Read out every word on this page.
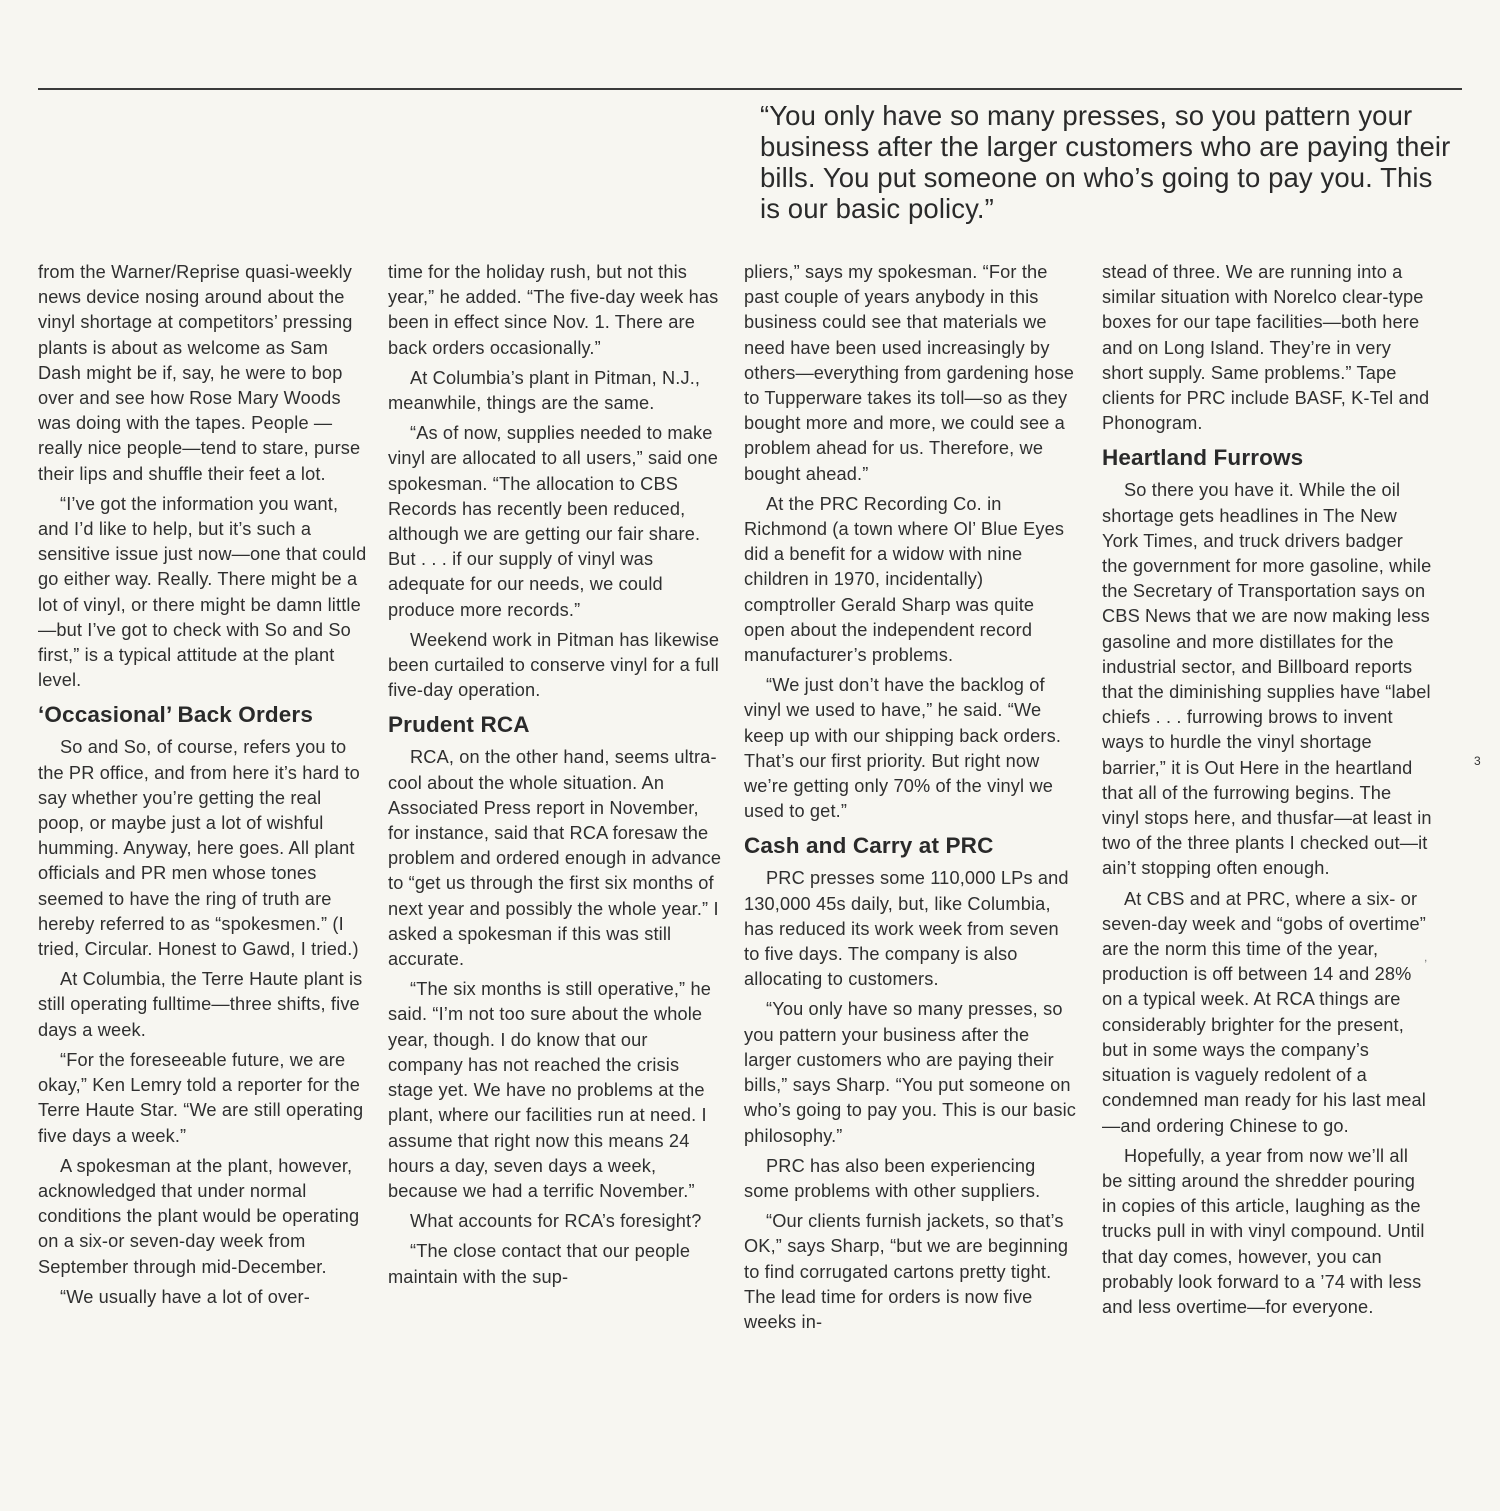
“You only have so many presses, so you pattern your business after the larger customers who are paying their bills. You put someone on who’s going to pay you. This is our basic policy.”

from the Warner/Reprise quasi-weekly news device nosing around about the vinyl shortage at competitors’ pressing plants is about as welcome as Sam Dash might be if, say, he were to bop over and see how Rose Mary Woods was doing with the tapes. People —really nice people—tend to stare, purse their lips and shuffle their feet a lot.

“I’ve got the information you want, and I’d like to help, but it’s such a sensitive issue just now—one that could go either way. Really. There might be a lot of vinyl, or there might be damn little—but I’ve got to check with So and So first,” is a typical attitude at the plant level.

‘Occasional’ Back Orders

So and So, of course, refers you to the PR office, and from here it’s hard to say whether you’re getting the real poop, or maybe just a lot of wishful humming. Anyway, here goes. All plant officials and PR men whose tones seemed to have the ring of truth are hereby referred to as “spokesmen.” (I tried, Circular. Honest to Gawd, I tried.)

At Columbia, the Terre Haute plant is still operating fulltime—three shifts, five days a week.

“For the foreseeable future, we are okay,” Ken Lemry told a reporter for the Terre Haute Star. “We are still operating five days a week.”

A spokesman at the plant, however, acknowledged that under normal conditions the plant would be operating on a six-or seven-day week from September through mid-December.

“We usually have a lot of over-

time for the holiday rush, but not this year,” he added. “The five-day week has been in effect since Nov. 1. There are back orders occasionally.”

At Columbia’s plant in Pitman, N.J., meanwhile, things are the same.

“As of now, supplies needed to make vinyl are allocated to all users,” said one spokesman. “The allocation to CBS Records has recently been reduced, although we are getting our fair share. But . . . if our supply of vinyl was adequate for our needs, we could produce more records.”

Weekend work in Pitman has likewise been curtailed to conserve vinyl for a full five-day operation.

Prudent RCA

RCA, on the other hand, seems ultra-cool about the whole situation. An Associated Press report in November, for instance, said that RCA foresaw the problem and ordered enough in advance to “get us through the first six months of next year and possibly the whole year.” I asked a spokesman if this was still accurate.

“The six months is still operative,” he said. “I’m not too sure about the whole year, though. I do know that our company has not reached the crisis stage yet. We have no problems at the plant, where our facilities run at need. I assume that right now this means 24 hours a day, seven days a week, because we had a terrific November.”

What accounts for RCA’s foresight?

“The close contact that our people maintain with the sup-

pliers,” says my spokesman. “For the past couple of years anybody in this business could see that materials we need have been used increasingly by others—everything from gardening hose to Tupperware takes its toll—so as they bought more and more, we could see a problem ahead for us. Therefore, we bought ahead.”

At the PRC Recording Co. in Richmond (a town where Ol’ Blue Eyes did a benefit for a widow with nine children in 1970, incidentally) comptroller Gerald Sharp was quite open about the independent record manufacturer’s problems.

“We just don’t have the backlog of vinyl we used to have,” he said. “We keep up with our shipping back orders. That’s our first priority. But right now we’re getting only 70% of the vinyl we used to get.”

Cash and Carry at PRC

PRC presses some 110,000 LPs and 130,000 45s daily, but, like Columbia, has reduced its work week from seven to five days. The company is also allocating to customers.

“You only have so many presses, so you pattern your business after the larger customers who are paying their bills,” says Sharp. “You put someone on who’s going to pay you. This is our basic philosophy.”

PRC has also been experiencing some problems with other suppliers.

“Our clients furnish jackets, so that’s OK,” says Sharp, “but we are beginning to find corrugated cartons pretty tight. The lead time for orders is now five weeks in-

stead of three. We are running into a similar situation with Norelco clear-type boxes for our tape facilities—both here and on Long Island. They’re in very short supply. Same problems.” Tape clients for PRC include BASF, K-Tel and Phonogram.

Heartland Furrows

So there you have it. While the oil shortage gets headlines in The New York Times, and truck drivers badger the government for more gasoline, while the Secretary of Transportation says on CBS News that we are now making less gasoline and more distillates for the industrial sector, and Billboard reports that the diminishing supplies have “label chiefs . . . furrowing brows to invent ways to hurdle the vinyl shortage barrier,” it is Out Here in the heartland that all of the furrowing begins. The vinyl stops here, and thusfar—at least in two of the three plants I checked out—it ain’t stopping often enough.

At CBS and at PRC, where a six- or seven-day week and “gobs of overtime” are the norm this time of the year, production is off between 14 and 28% on a typical week. At RCA things are considerably brighter for the present, but in some ways the company’s situation is vaguely redolent of a condemned man ready for his last meal—and ordering Chinese to go.

Hopefully, a year from now we’ll all be sitting around the shredder pouring in copies of this article, laughing as the trucks pull in with vinyl compound. Until that day comes, however, you can probably look forward to a ’74 with less and less overtime—for everyone.

3
,
